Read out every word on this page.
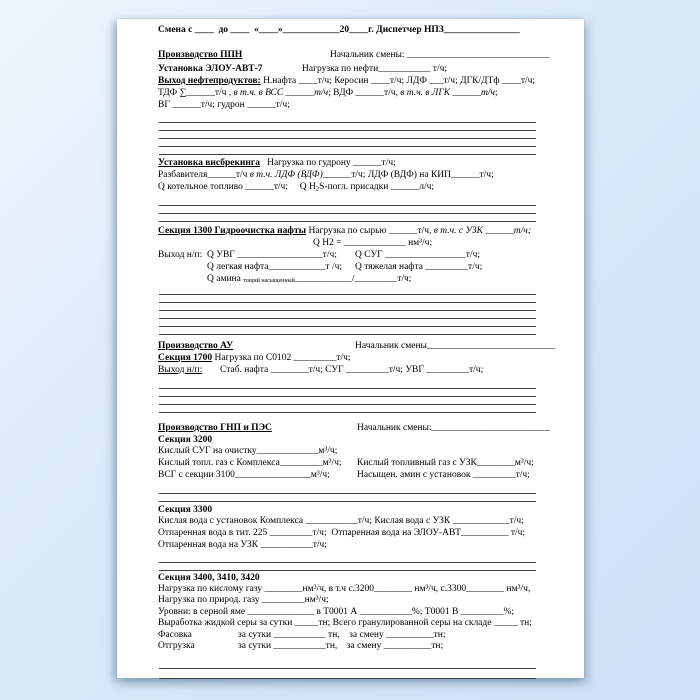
Смена с ____  до ____  «____»____________20____г. Диспетчер НПЗ________________
Производство ППН	Начальник смены: ______________________________
Установка ЭЛОУ-АВТ-7	Нагрузка по нефти___________ т/ч;
Выход нефтепродуктов: Н.нафта ____т/ч; Керосин ____т/ч; ЛДФ ___т/ч; ДГК/ДТф ____т/ч;
ТДФ ∑______т/ч , в т.ч. в ВСС ______т/ч; ВДФ ______т/ч, в т.ч. в ЛГК ______т/ч;
ВГ ______т/ч; гудрон ______т/ч;
Установка висбрекинга   Нагрузка по гудрону ______т/ч;
Разбавителя______т/ч в т.ч. ЛДФ (ВДФ)______т/ч; ЛДФ (ВДФ) на КИП______т/ч;
Q котельное топливо ______т/ч;     Q $H_2S$-погл. присадки ______л/ч;
Секция 1300 Гидроочистка нафты Нагрузка по сырью ______т/ч, в т.ч. с УЗК ______т/ч;
Q Н2 = _____________ нм³/ч;
Выход н/п: Q УВГ __________________т/ч; Q СУГ _________________т/ч;
Q легкая нафта____________т /ч; Q тяжелая нафта _________т/ч;
Q амина тощий насыщенный____________/_________т/ч;
Производство АУ	Начальник смены___________________________
Секция 1700 Нагрузка по С0102 _________т/ч;
Выход н/п: Стаб. нафта ________т/ч; СУГ _________т/ч; УВГ _________т/ч;
Производство ГНП и ПЭС	Начальник смены:_________________________
Секция 3200
Кислый СУГ на очистку_____________м³/ч;
Кислый топл. газ с Комплекса_________м³/ч; Кислый топливный газ с УЗК________м³/ч;
ВСГ с секции 3100________________м³/ч;	Насыщен. амин с установок _________т/ч;
Секция 3300
Кислая вода с установок Комплекса ___________т/ч; Кислая вода с УЗК ____________т/ч;
Отпаренная вода в тит. 225 _________т/ч;  Отпаренная вода на ЭЛОУ-АВТ__________ т/ч;
Отпаренная вода на УЗК ___________т/ч;
Секция 3400, 3410, 3420
Нагрузка по кислому газу ________нм³/ч, в т.ч с.3200________ нм³/ч, с.3300________ нм³/ч,
Нагрузка по природ. газу _________нм³/ч;
Уровни: в серной яме ______________ в Т0001 А ___________%; Т0001 В _________%;
Выработка жидкой серы за сутки _____тн; Всего гранулированной серы на складе _____ тн;
Фасовка	за сутки ___________ тн,    за смену __________тн;
Отгрузка	за сутки ___________тн,    за смену __________тн;
